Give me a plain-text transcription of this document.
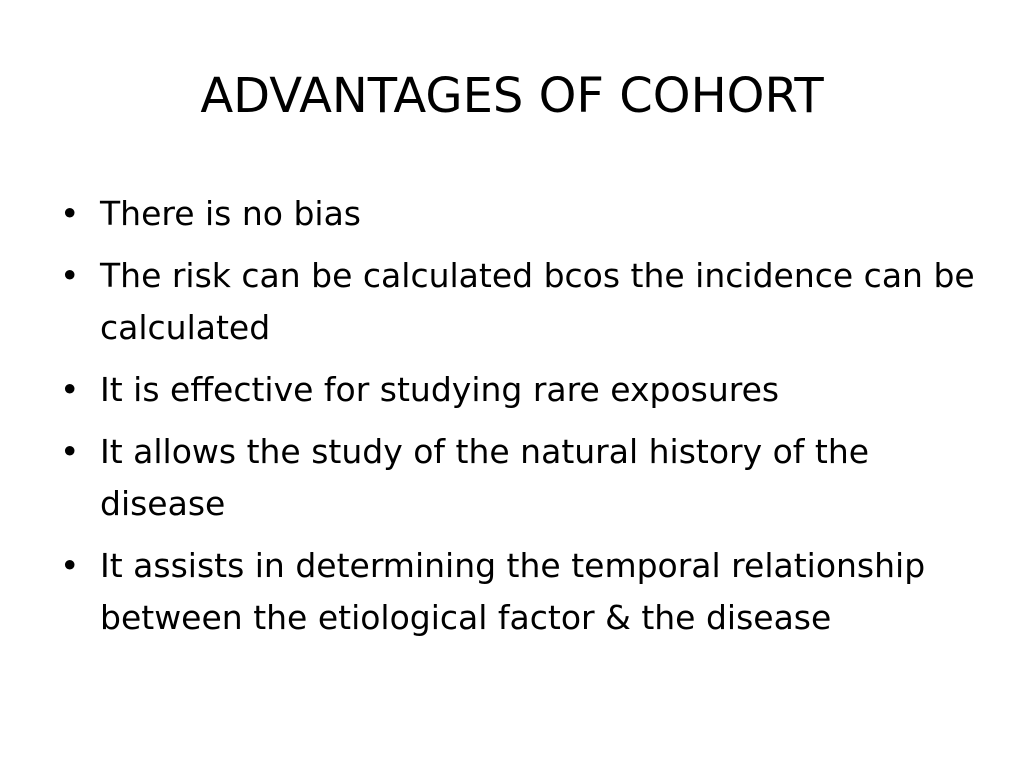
ADVANTAGES OF COHORT
• There is no bias
• The risk can be calculated bcos the incidence can be calculated
• It is effective for studying rare exposures
• It allows the study of the natural history of the disease
• It assists in determining the temporal relationship between the etiological factor & the disease
